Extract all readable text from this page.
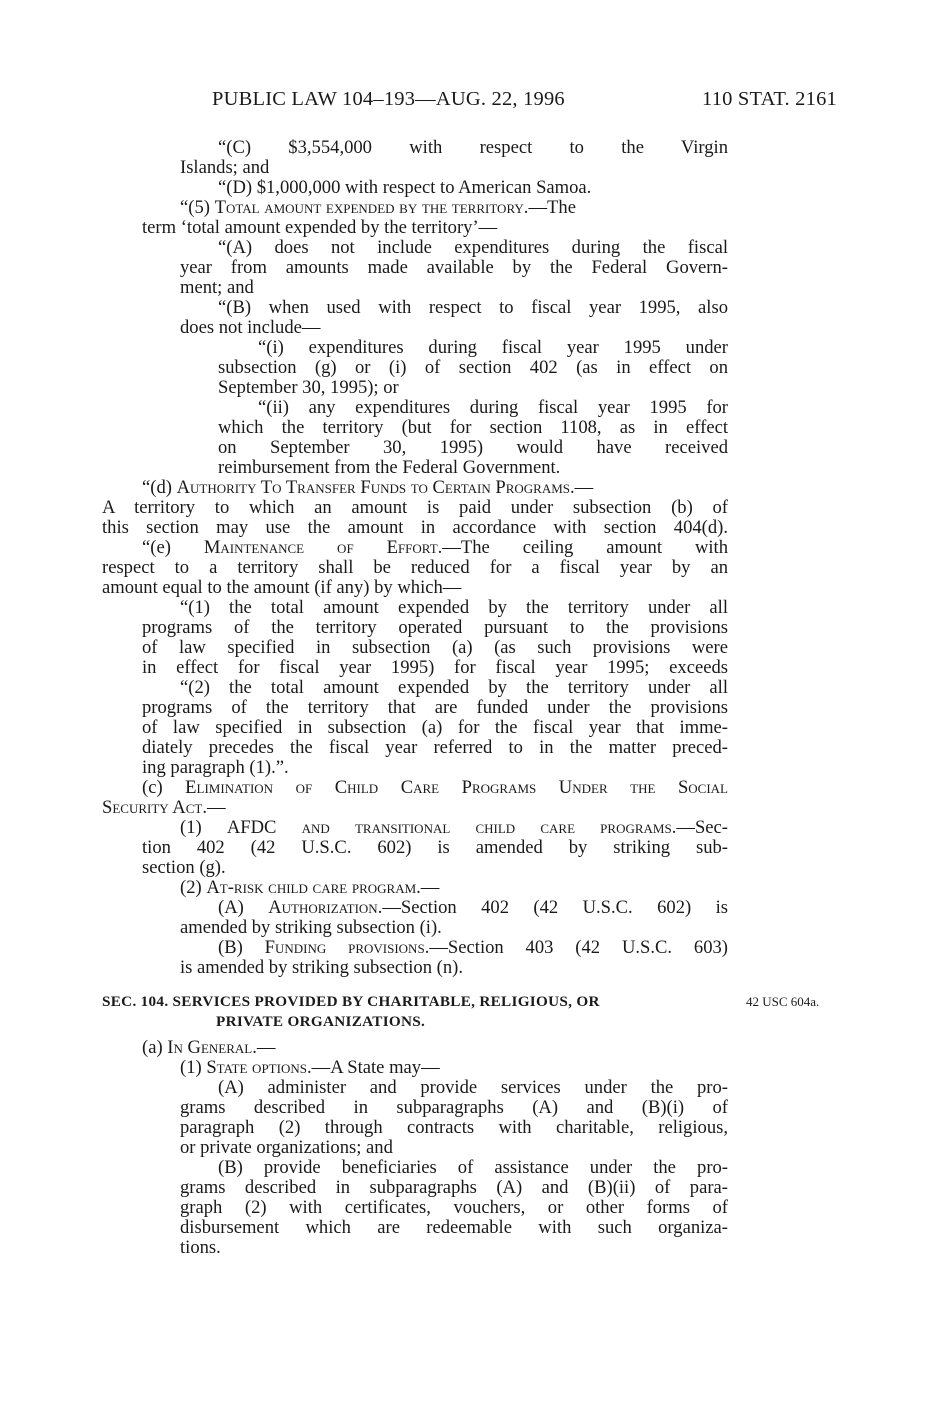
PUBLIC LAW 104–193—AUG. 22, 1996	110 STAT. 2161
“(C) $3,554,000 with respect to the Virgin
Islands; and
“(D) $1,000,000 with respect to American Samoa.
“(5) Total amount expended by the territory.—The
term ‘total amount expended by the territory’—
“(A) does not include expenditures during the fiscal
year from amounts made available by the Federal Govern-
ment; and
“(B) when used with respect to fiscal year 1995, also
does not include—
“(i) expenditures during fiscal year 1995 under
subsection (g) or (i) of section 402 (as in effect on
September 30, 1995); or
“(ii) any expenditures during fiscal year 1995 for
which the territory (but for section 1108, as in effect
on September 30, 1995) would have received
reimbursement from the Federal Government.
“(d) Authority To Transfer Funds to Certain Programs.—
A territory to which an amount is paid under subsection (b) of
this section may use the amount in accordance with section 404(d).
“(e) Maintenance of Effort.—The ceiling amount with
respect to a territory shall be reduced for a fiscal year by an
amount equal to the amount (if any) by which—
“(1) the total amount expended by the territory under all
programs of the territory operated pursuant to the provisions
of law specified in subsection (a) (as such provisions were
in effect for fiscal year 1995) for fiscal year 1995; exceeds
“(2) the total amount expended by the territory under all
programs of the territory that are funded under the provisions
of law specified in subsection (a) for the fiscal year that imme-
diately precedes the fiscal year referred to in the matter preced-
ing paragraph (1).”.
(c) Elimination of Child Care Programs Under the Social
Security Act.—
(1) AFDC and transitional child care programs.—Sec-
tion 402 (42 U.S.C. 602) is amended by striking sub-
section (g).
(2) At-risk child care program.—
(A) Authorization.—Section 402 (42 U.S.C. 602) is
amended by striking subsection (i).
(B) Funding provisions.—Section 403 (42 U.S.C. 603)
is amended by striking subsection (n).
SEC. 104. SERVICES PROVIDED BY CHARITABLE, RELIGIOUS, OR
PRIVATE ORGANIZATIONS.
42 USC 604a.
(a) In General.—
(1) State options.—A State may—
(A) administer and provide services under the pro-
grams described in subparagraphs (A) and (B)(i) of
paragraph (2) through contracts with charitable, religious,
or private organizations; and
(B) provide beneficiaries of assistance under the pro-
grams described in subparagraphs (A) and (B)(ii) of para-
graph (2) with certificates, vouchers, or other forms of
disbursement which are redeemable with such organiza-
tions.
